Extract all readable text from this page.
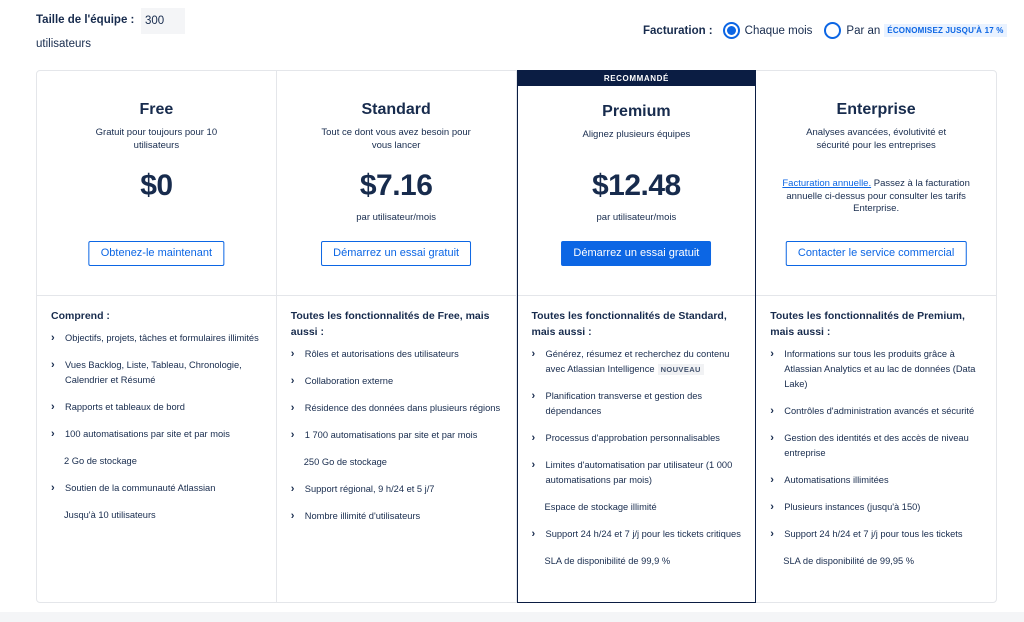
Taille de l'équipe :
300
utilisateurs
Facturation :	Chaque mois	Par an ÉCONOMISEZ JUSQU'À 17 %
Free
Gratuit pour toujours pour 10 utilisateurs
$0
Obtenez-le maintenant
Comprend :
› Objectifs, projets, tâches et formulaires illimités
› Vues Backlog, Liste, Tableau, Chronologie, Calendrier et Résumé
› Rapports et tableaux de bord
› 100 automatisations par site et par mois
2 Go de stockage
› Soutien de la communauté Atlassian
Jusqu'à 10 utilisateurs
Standard
Tout ce dont vous avez besoin pour vous lancer
$7.16
par utilisateur/mois
Démarrez un essai gratuit
Toutes les fonctionnalités de Free, mais aussi :
› Rôles et autorisations des utilisateurs
› Collaboration externe
› Résidence des données dans plusieurs régions
› 1 700 automatisations par site et par mois
250 Go de stockage
› Support régional, 9 h/24 et 5 j/7
› Nombre illimité d'utilisateurs
RECOMMANDÉ
Premium
Alignez plusieurs équipes
$12.48
par utilisateur/mois
Démarrez un essai gratuit
Toutes les fonctionnalités de Standard, mais aussi :
› Générez, résumez et recherchez du contenu avec Atlassian Intelligence NOUVEAU
› Planification transverse et gestion des dépendances
› Processus d'approbation personnalisables
› Limites d'automatisation par utilisateur (1 000 automatisations par mois)
Espace de stockage illimité
› Support 24 h/24 et 7 j/j pour les tickets critiques
SLA de disponibilité de 99,9 %
Enterprise
Analyses avancées, évolutivité et sécurité pour les entreprises
Facturation annuelle. Passez à la facturation annuelle ci-dessus pour consulter les tarifs Enterprise.
Contacter le service commercial
Toutes les fonctionnalités de Premium, mais aussi :
› Informations sur tous les produits grâce à Atlassian Analytics et au lac de données (Data Lake)
› Contrôles d'administration avancés et sécurité
› Gestion des identités et des accès de niveau entreprise
› Automatisations illimitées
› Plusieurs instances (jusqu'à 150)
› Support 24 h/24 et 7 j/j pour tous les tickets
SLA de disponibilité de 99,95 %
